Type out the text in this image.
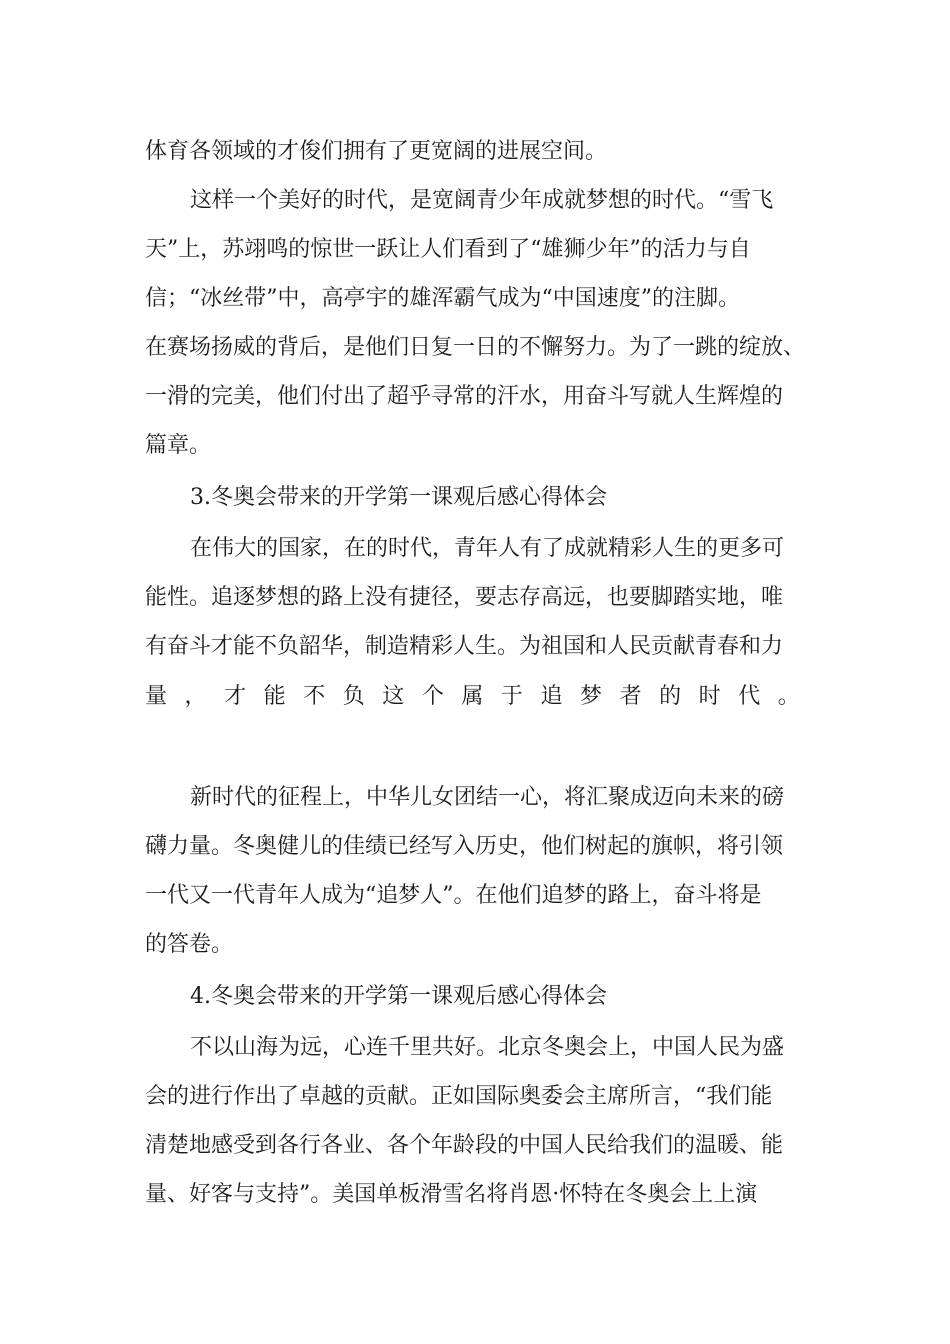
体育各领域的才俊们拥有了更宽阔的进展空间。
这样一个美好的时代，是宽阔青少年成就梦想的时代。“雪飞
天”上，苏翊鸣的惊世一跃让人们看到了“雄狮少年”的活力与自
信；“冰丝带”中，高亭宇的雄浑霸气成为“中国速度”的注脚。
在赛场扬威的背后，是他们日复一日的不懈努力。为了一跳的绽放、
一滑的完美，他们付出了超乎寻常的汗水，用奋斗写就人生辉煌的
篇章。
3.冬奥会带来的开学第一课观后感心得体会
在伟大的国家，在的时代，青年人有了成就精彩人生的更多可
能性。追逐梦想的路上没有捷径，要志存高远，也要脚踏实地，唯
有奋斗才能不负韶华，制造精彩人生。为祖国和人民贡献青春和力
量 ， 才 能 不 负 这 个 属 于 追 梦 者 的 时 代 。
新时代的征程上，中华儿女团结一心，将汇聚成迈向未来的磅
礴力量。冬奥健儿的佳绩已经写入历史，他们树起的旗帜，将引领
一代又一代青年人成为“追梦人”。在他们追梦的路上，奋斗将是
的答卷。
4.冬奥会带来的开学第一课观后感心得体会
不以山海为远，心连千里共好。北京冬奥会上，中国人民为盛
会的进行作出了卓越的贡献。正如国际奥委会主席所言，“我们能
清楚地感受到各行各业、各个年龄段的中国人民给我们的温暖、能
量、好客与支持”。美国单板滑雪名将肖恩·怀特在冬奥会上上演
